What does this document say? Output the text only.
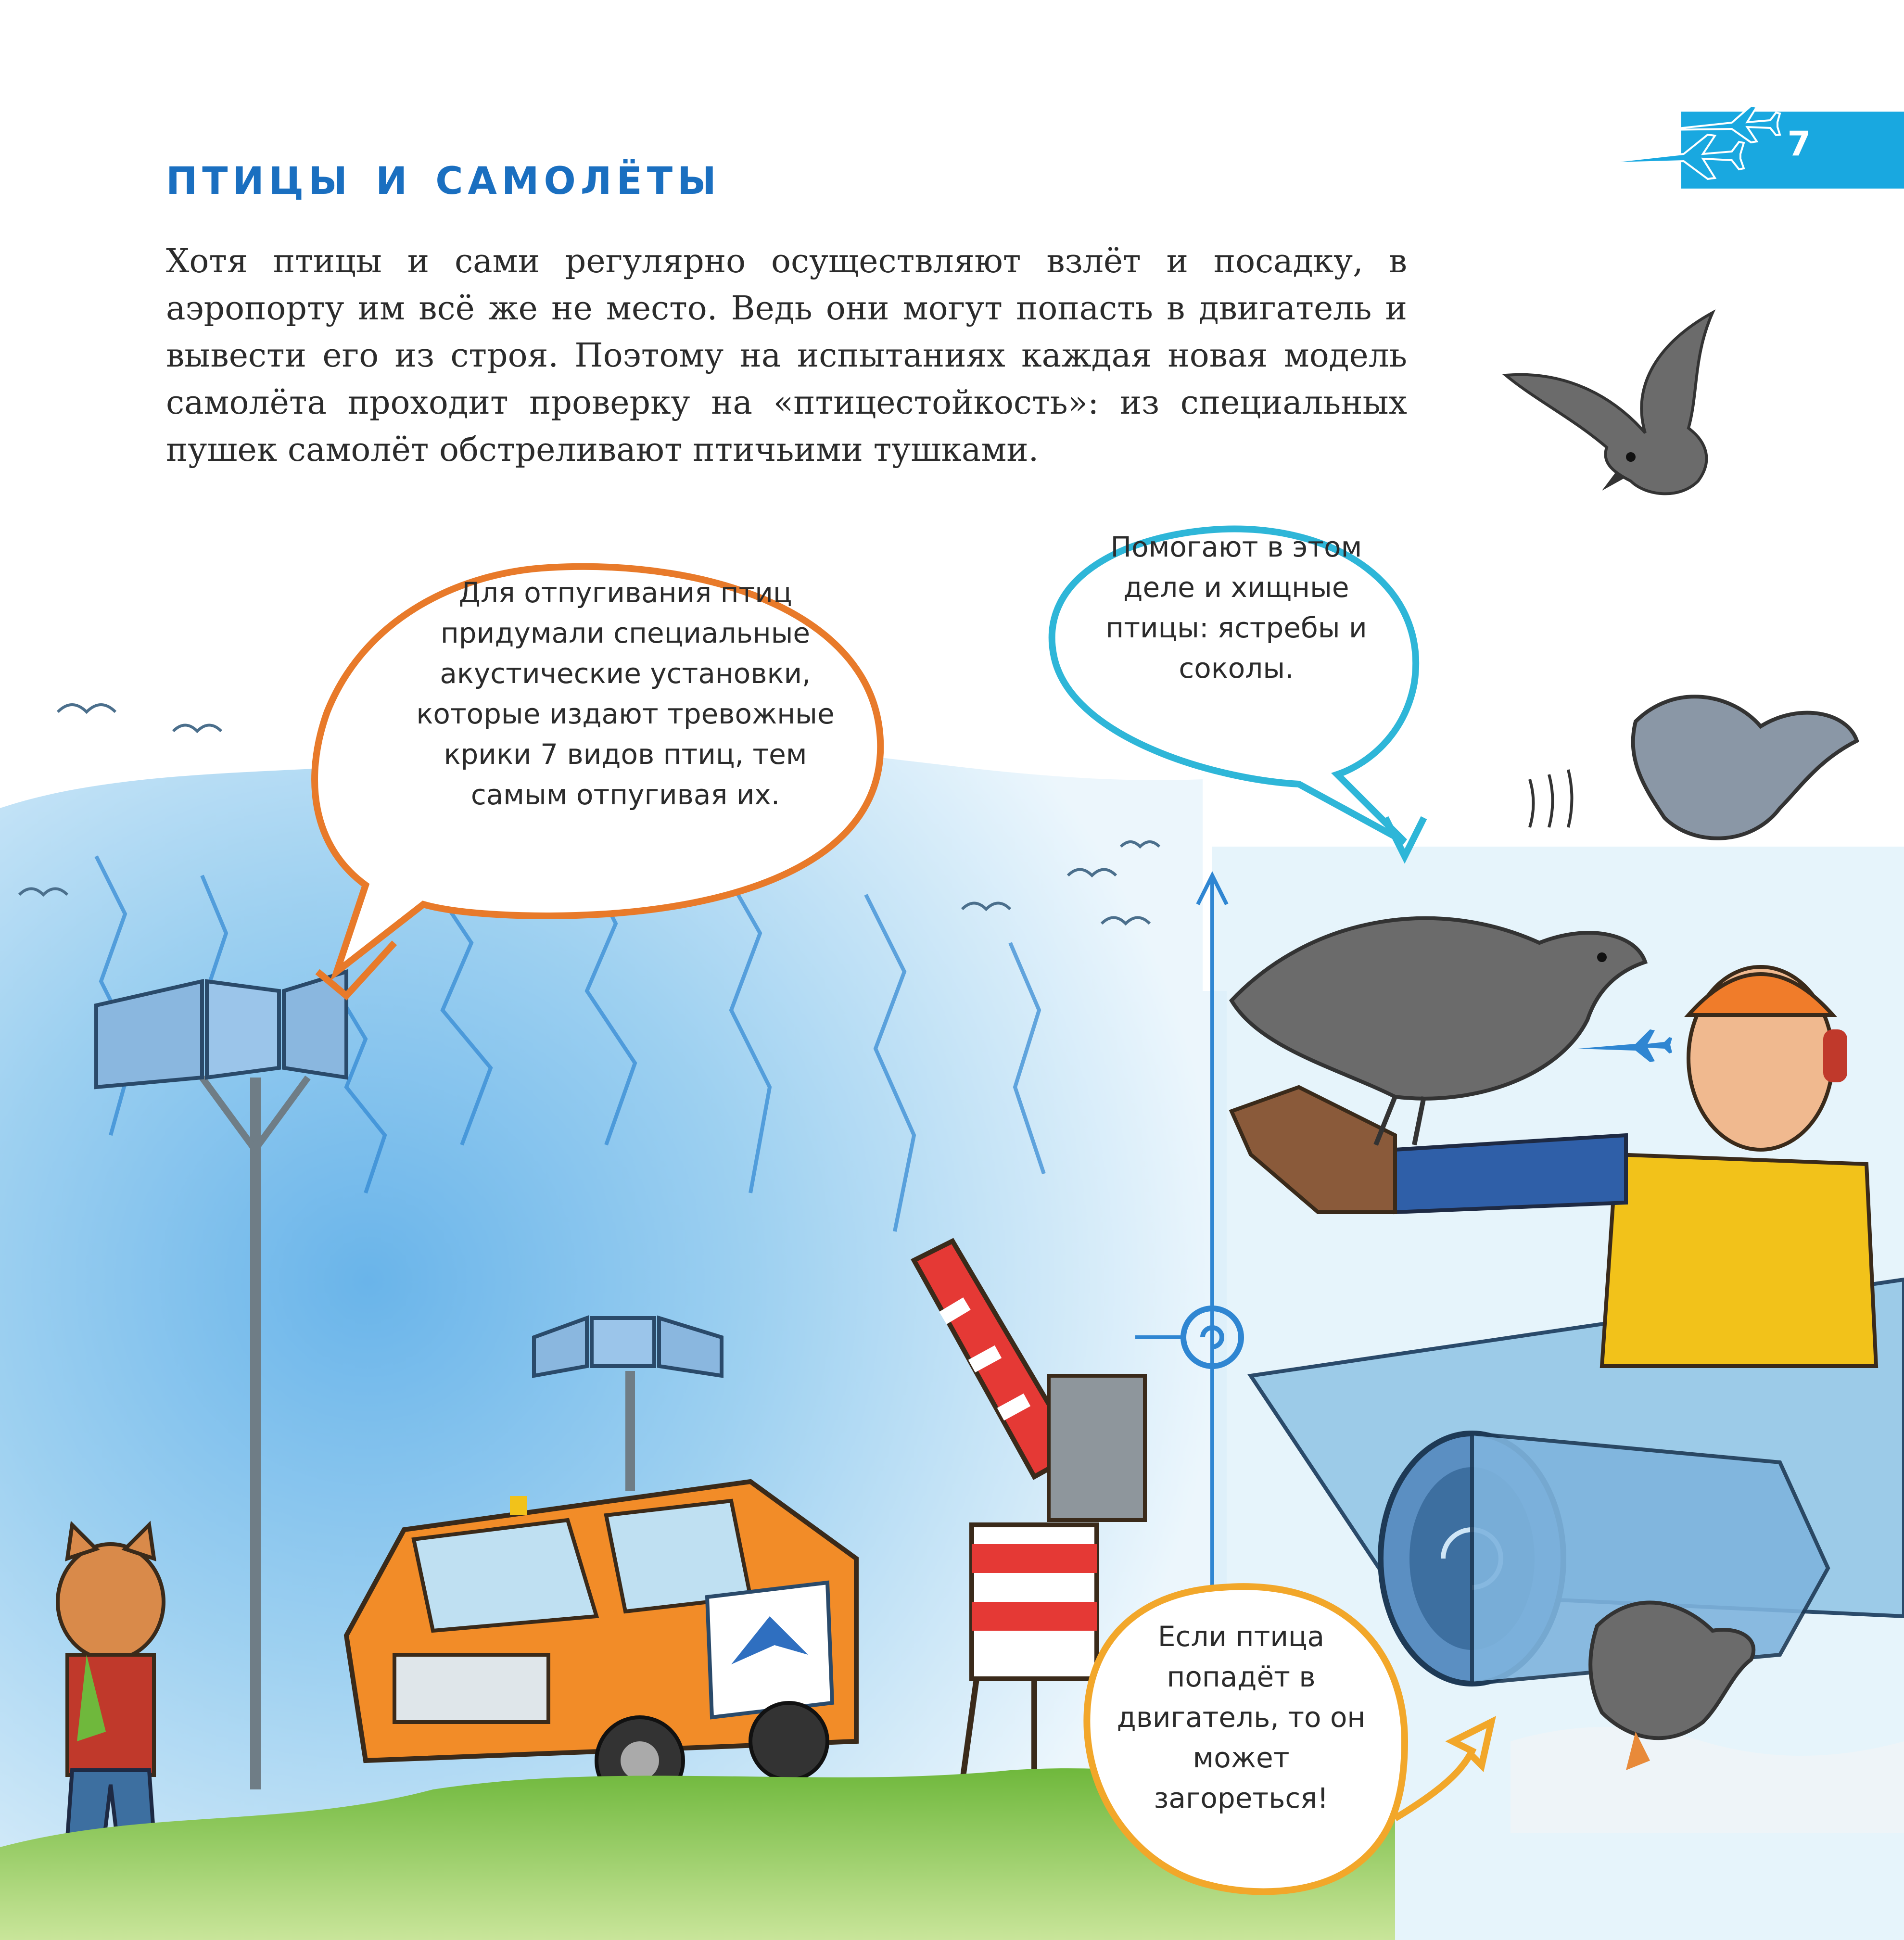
птицы и самолёты
7

Хотя птицы и сами регулярно осуществляют взлёт и посадку, в аэропорту им всё же не место. Ведь они могут попасть в двигатель и вывести его из строя. Поэтому на испытаниях каждая новая модель самолёта проходит проверку на «птицестойкость»: из специальных пушек самолёт обстреливают птичьими тушками.

Для отпугивания птиц придумали специальные акустические установки, которые издают тревожные крики 7 видов птиц, тем самым отпугивая их.

Помогают в этом деле и хищные птицы: ястребы и соколы.

Если птица попадёт в двигатель, то он может загореться!
